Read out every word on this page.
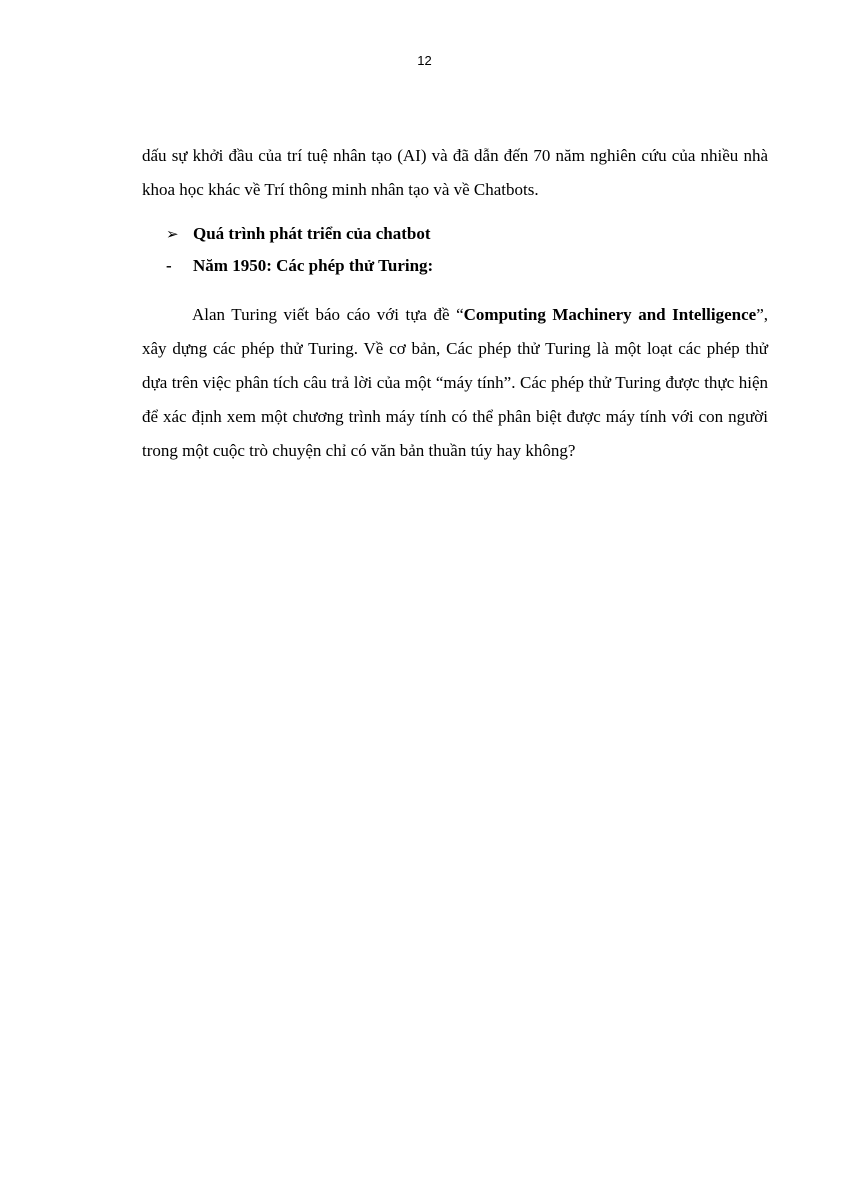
12

dấu sự khởi đầu của trí tuệ nhân tạo (AI) và đã dẫn đến 70 năm nghiên cứu của nhiều nhà khoa học khác về Trí thông minh nhân tạo và về Chatbots.

➢ Quá trình phát triển của chatbot
- Năm 1950: Các phép thử Turing:

Alan Turing viết báo cáo với tựa đề “Computing Machinery and Intelligence”, xây dựng các phép thử Turing. Về cơ bản, Các phép thử Turing là một loạt các phép thử dựa trên việc phân tích câu trả lời của một “máy tính”. Các phép thử Turing được thực hiện để xác định xem một chương trình máy tính có thể phân biệt được máy tính với con người trong một cuộc trò chuyện chỉ có văn bản thuần túy hay không?
